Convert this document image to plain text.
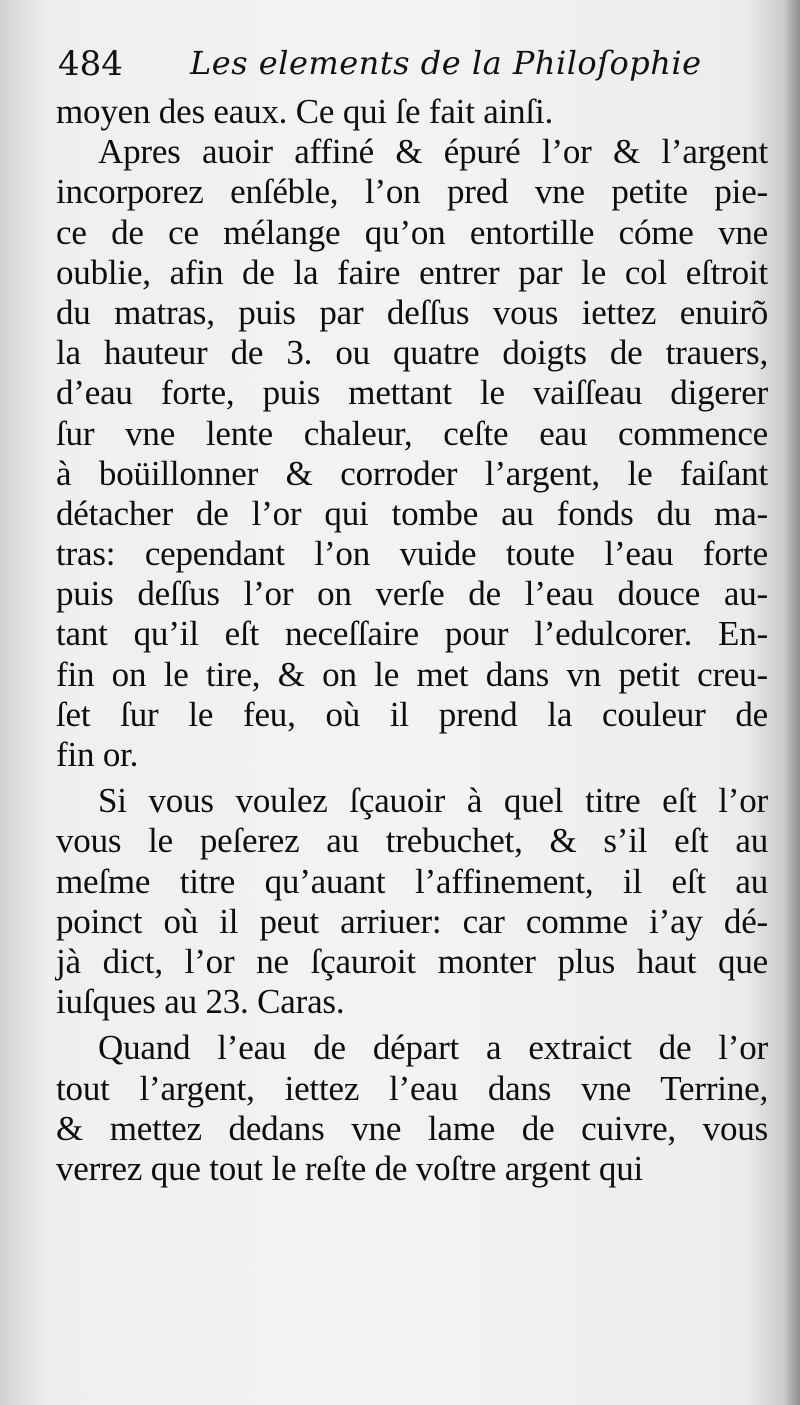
484 Les elements de la Philoſophie
moyen des eaux. Ce qui ſe fait ainſi.
Apres auoir affiné & épuré l’or & l’argent
incorporez enſéble, l’on pred vne petite pie-
ce de ce mélange qu’on entortille cóme vne
oublie, afin de la faire entrer par le col eſtroit
du matras, puis par deſſus vous iettez enuirõ
la hauteur de 3. ou quatre doigts de trauers,
d’eau forte, puis mettant le vaiſſeau digerer
ſur vne lente chaleur, ceſte eau commence
à boüillonner & corroder l’argent, le faiſant
détacher de l’or qui tombe au fonds du ma-
tras: cependant l’on vuide toute l’eau forte
puis deſſus l’or on verſe de l’eau douce au-
tant qu’il eſt neceſſaire pour l’edulcorer. En-
fin on le tire, & on le met dans vn petit creu-
ſet ſur le feu, où il prend la couleur de
fin or.
Si vous voulez ſçauoir à quel titre eſt l’or
vous le peſerez au trebuchet, & s’il eſt au
meſme titre qu’auant l’affinement, il eſt au
poinct où il peut arriuer: car comme i’ay dé-
jà dict, l’or ne ſçauroit monter plus haut que
iuſques au 23. Caras.
Quand l’eau de départ a extraict de l’or
tout l’argent, iettez l’eau dans vne Terrine,
& mettez dedans vne lame de cuivre, vous
verrez que tout le reſte de voſtre argent qui
